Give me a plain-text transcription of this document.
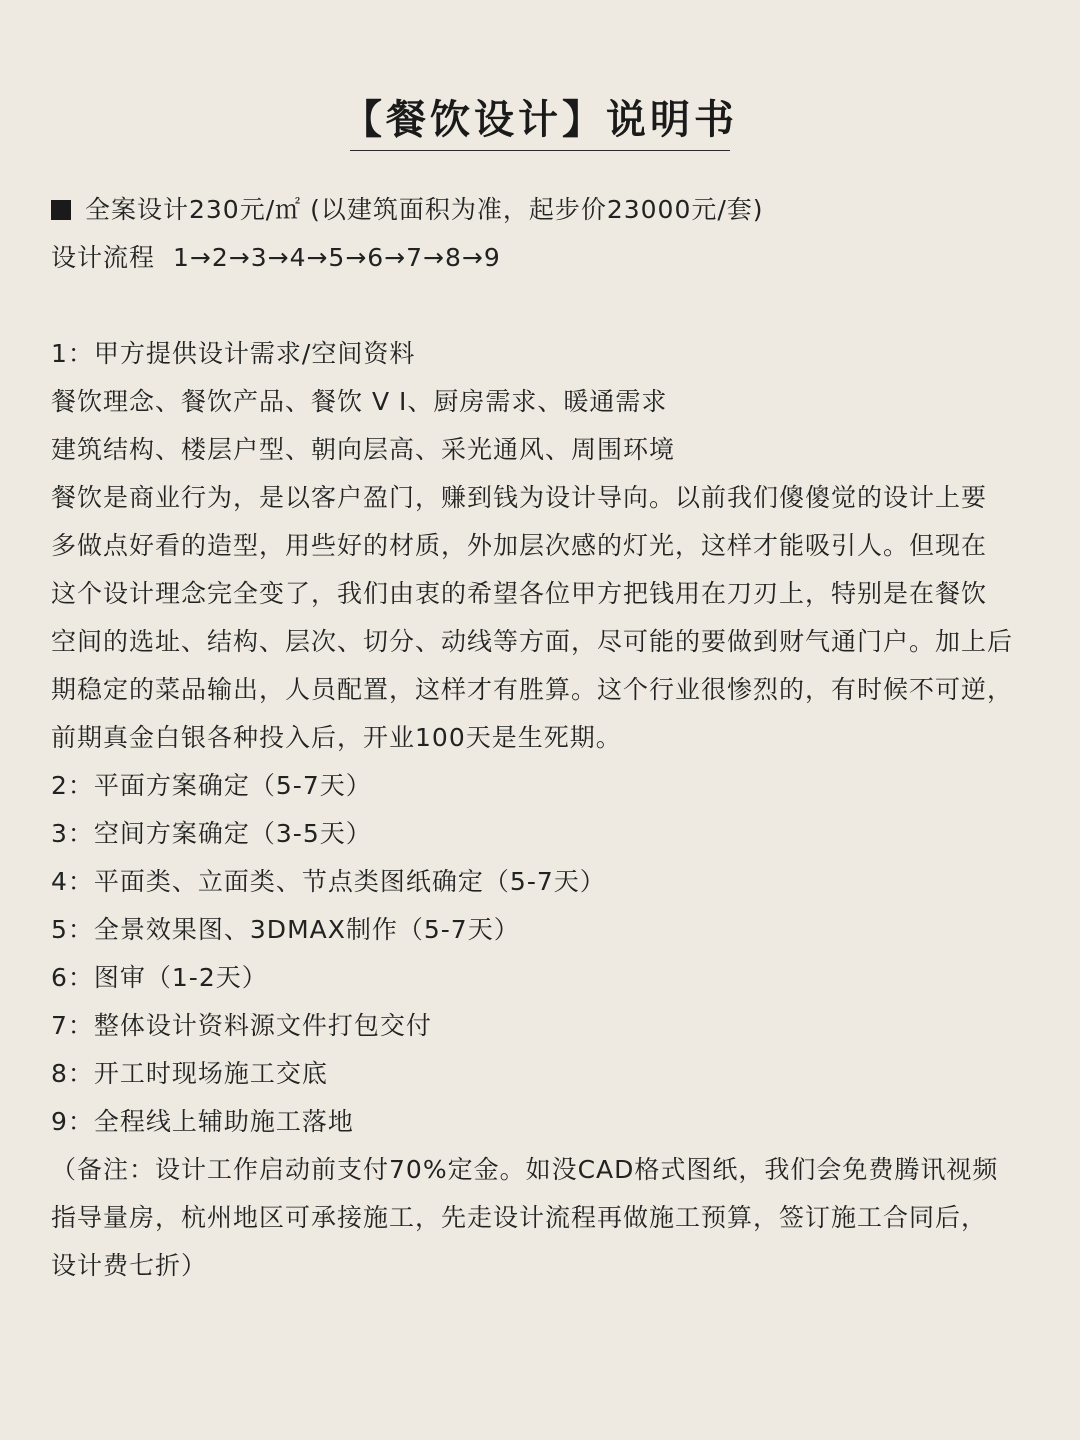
【餐饮设计】说明书
全案设计230元/㎡ (以建筑面积为准，起步价23000元/套)
设计流程 1→2→3→4→5→6→7→8→9
1：甲方提供设计需求/空间资料
餐饮理念、餐饮产品、餐饮 V I、厨房需求、暖通需求
建筑结构、楼层户型、朝向层高、采光通风、周围环境
餐饮是商业行为，是以客户盈门，赚到钱为设计导向。以前我们傻傻觉的设计上要
多做点好看的造型，用些好的材质，外加层次感的灯光，这样才能吸引人。但现在
这个设计理念完全变了，我们由衷的希望各位甲方把钱用在刀刃上，特别是在餐饮
空间的选址、结构、层次、切分、动线等方面，尽可能的要做到财气通门户。加上后
期稳定的菜品输出，人员配置，这样才有胜算。这个行业很惨烈的，有时候不可逆，
前期真金白银各种投入后，开业100天是生死期。
2：平面方案确定（5-7天）
3：空间方案确定（3-5天）
4：平面类、立面类、节点类图纸确定（5-7天）
5：全景效果图、3DMAX制作（5-7天）
6：图审（1-2天）
7：整体设计资料源文件打包交付
8：开工时现场施工交底
9：全程线上辅助施工落地
（备注：设计工作启动前支付70%定金。如没CAD格式图纸，我们会免费腾讯视频
指导量房，杭州地区可承接施工，先走设计流程再做施工预算，签订施工合同后，
设计费七折）
